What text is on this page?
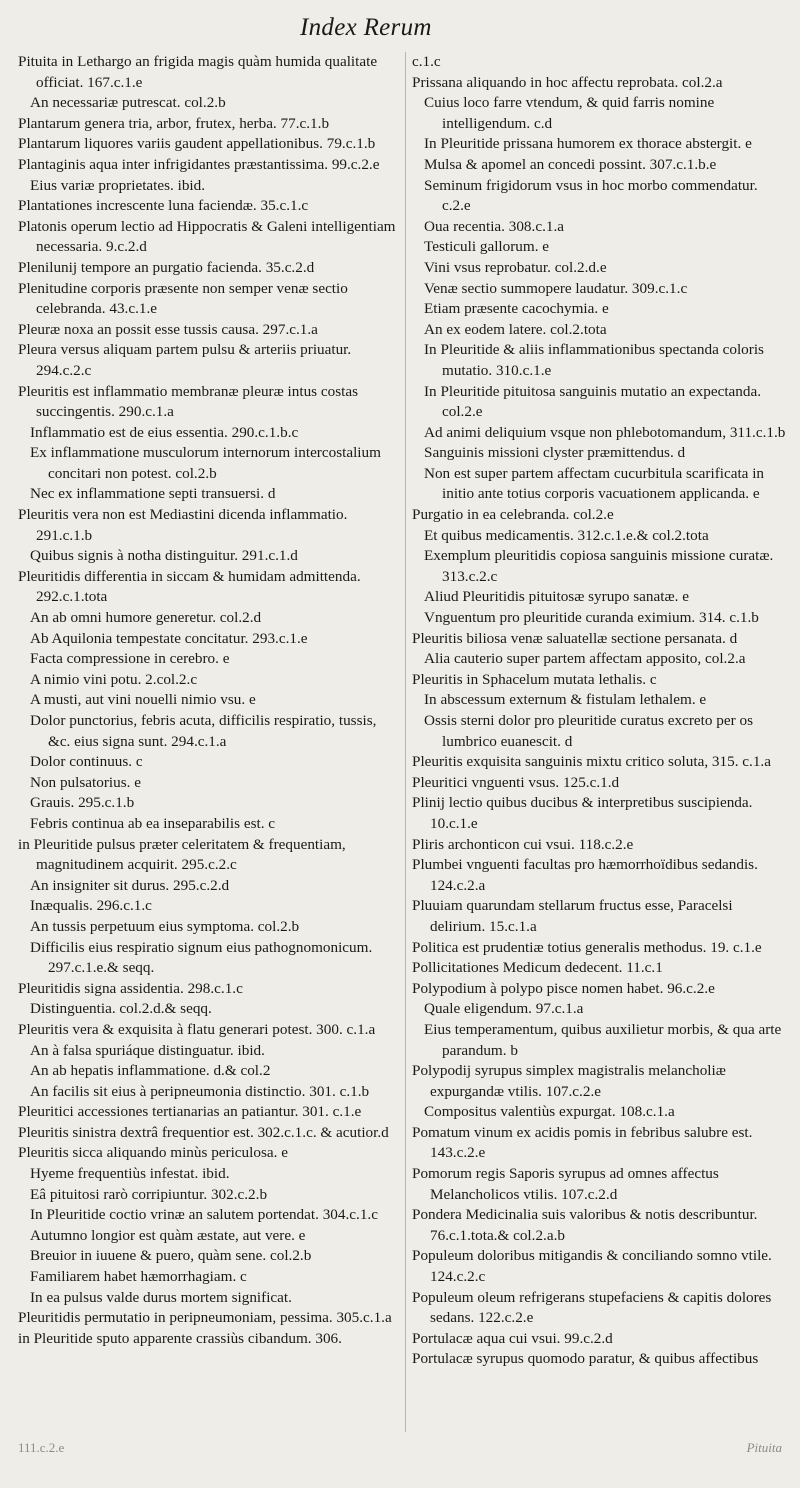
Index Rerum

Pituita in Lethargo an frigida magis quàm humida qualitate officiat. 167.c.1.e

An necessariæ putrescat. col.2.b

Plantarum genera tria, arbor, frutex, herba. 77.c.1.b

Plantarum liquores variis gaudent appellationibus. 79.c.1.b

Plantaginis aqua inter infrigidantes præstantissima. 99.c.2.e

Eius variæ proprietates. ibid.

Plantationes increscente luna faciendæ. 35.c.1.c

Platonis operum lectio ad Hippocratis & Galeni intelligentiam necessaria. 9.c.2.d

Plenilunij tempore an purgatio facienda. 35.c.2.d

Plenitudine corporis præsente non semper venæ sectio celebranda. 43.c.1.e

Pleuræ noxa an possit esse tussis causa. 297.c.1.a

Pleura versus aliquam partem pulsu & arteriis priuatur. 294.c.2.c

Pleuritis est inflammatio membranæ pleuræ intus costas succingentis. 290.c.1.a

Inflammatio est de eius essentia. 290.c.1.b.c

Ex inflammatione musculorum internorum intercostalium concitari non potest. col.2.b

Nec ex inflammatione septi transuersi. d

Pleuritis vera non est Mediastini dicenda inflammatio. 291.c.1.b

Quibus signis à notha distinguitur. 291.c.1.d

Pleuritidis differentia in siccam & humidam admittenda. 292.c.1.tota

An ab omni humore generetur. col.2.d

Ab Aquilonia tempestate concitatur. 293.c.1.e

Facta compressione in cerebro. e

A nimio vini potu. 2.col.2.c

A musti, aut vini nouelli nimio vsu. e

Dolor punctorius, febris acuta, difficilis respiratio, tussis, &c. eius signa sunt. 294.c.1.a

Dolor continuus. c

Non pulsatorius. e

Grauis. 295.c.1.b

Febris continua ab ea inseparabilis est. c

in Pleuritide pulsus præter celeritatem & frequentiam, magnitudinem acquirit. 295.c.2.c

An insigniter sit durus. 295.c.2.d

Inæqualis. 296.c.1.c

An tussis perpetuum eius symptoma. col.2.b

Difficilis eius respiratio signum eius pathognomonicum. 297.c.1.e.& seqq.

Pleuritidis signa assidentia. 298.c.1.c

Distinguentia. col.2.d.& seqq.

Pleuritis vera & exquisita à flatu generari potest. 300. c.1.a

An à falsa spuriáque distinguatur. ibid.

An ab hepatis inflammatione. d.& col.2

An facilis sit eius à peripneumonia distinctio. 301. c.1.b

Pleuritici accessiones tertianarias an patiantur. 301. c.1.e

Pleuritis sinistra dextrâ frequentior est. 302.c.1.c. & acutior.d

Pleuritis sicca aliquando minùs periculosa. e

Hyeme frequentiùs infestat. ibid.

Eâ pituitosi rarò corripiuntur. 302.c.2.b

In Pleuritide coctio vrinæ an salutem portendat. 304.c.1.c

Autumno longior est quàm æstate, aut vere. e

Breuior in iuuene & puero, quàm sene. col.2.b

Familiarem habet hæmorrhagiam. c

In ea pulsus valde durus mortem significat.

Pleuritidis permutatio in peripneumoniam, pessima. 305.c.1.a

in Pleuritide sputo apparente crassiùs cibandum. 306.

c.1.c

Prissana aliquando in hoc affectu reprobata. col.2.a

Cuius loco farre vtendum, & quid farris nomine intelligendum. c.d

In Pleuritide prissana humorem ex thorace abstergit. e

Mulsa & apomel an concedi possint. 307.c.1.b.e

Seminum frigidorum vsus in hoc morbo commendatur. c.2.e

Oua recentia. 308.c.1.a

Testiculi gallorum. e

Vini vsus reprobatur. col.2.d.e

Venæ sectio summopere laudatur. 309.c.1.c

Etiam præsente cacochymia. e

An ex eodem latere. col.2.tota

In Pleuritide & aliis inflammationibus spectanda coloris mutatio. 310.c.1.e

In Pleuritide pituitosa sanguinis mutatio an expectanda. col.2.e

Ad animi deliquium vsque non phlebotomandum, 311.c.1.b

Sanguinis missioni clyster præmittendus. d

Non est super partem affectam cucurbitula scarificata in initio ante totius corporis vacuationem applicanda. e

Purgatio in ea celebranda. col.2.e

Et quibus medicamentis. 312.c.1.e.& col.2.tota

Exemplum pleuritidis copiosa sanguinis missione curatæ. 313.c.2.c

Aliud Pleuritidis pituitosæ syrupo sanatæ. e

Vnguentum pro pleuritide curanda eximium. 314. c.1.b

Pleuritis biliosa venæ saluatellæ sectione persanata. d

Alia cauterio super partem affectam apposito, col.2.a

Pleuritis in Sphacelum mutata lethalis. c

In abscessum externum & fistulam lethalem. e

Ossis sterni dolor pro pleuritide curatus excreto per os lumbrico euanescit. d

Pleuritis exquisita sanguinis mixtu critico soluta, 315. c.1.a

Pleuritici vnguenti vsus. 125.c.1.d

Plinij lectio quibus ducibus & interpretibus suscipienda. 10.c.1.e

Pliris archonticon cui vsui. 118.c.2.e

Plumbei vnguenti facultas pro hæmorrhoïdibus sedandis. 124.c.2.a

Pluuiam quarundam stellarum fructus esse, Paracelsi delirium. 15.c.1.a

Politica est prudentiæ totius generalis methodus. 19. c.1.e

Pollicitationes Medicum dedecent. 11.c.1

Polypodium à polypo pisce nomen habet. 96.c.2.e

Quale eligendum. 97.c.1.a

Eius temperamentum, quibus auxilietur morbis, & qua arte parandum. b

Polypodij syrupus simplex magistralis melancholiæ expurgandæ vtilis. 107.c.2.e

Compositus valentiùs expurgat. 108.c.1.a

Pomatum vinum ex acidis pomis in febribus salubre est. 143.c.2.e

Pomorum regis Saporis syrupus ad omnes affectus Melancholicos vtilis. 107.c.2.d

Pondera Medicinalia suis valoribus & notis describuntur. 76.c.1.tota.& col.2.a.b

Populeum doloribus mitigandis & conciliando somno vtile. 124.c.2.c

Populeum oleum refrigerans stupefaciens & capitis dolores sedans. 122.c.2.e

Portulacæ aqua cui vsui. 99.c.2.d

Portulacæ syrupus quomodo paratur, & quibus affectibus

111.c.2.e	Pituita
